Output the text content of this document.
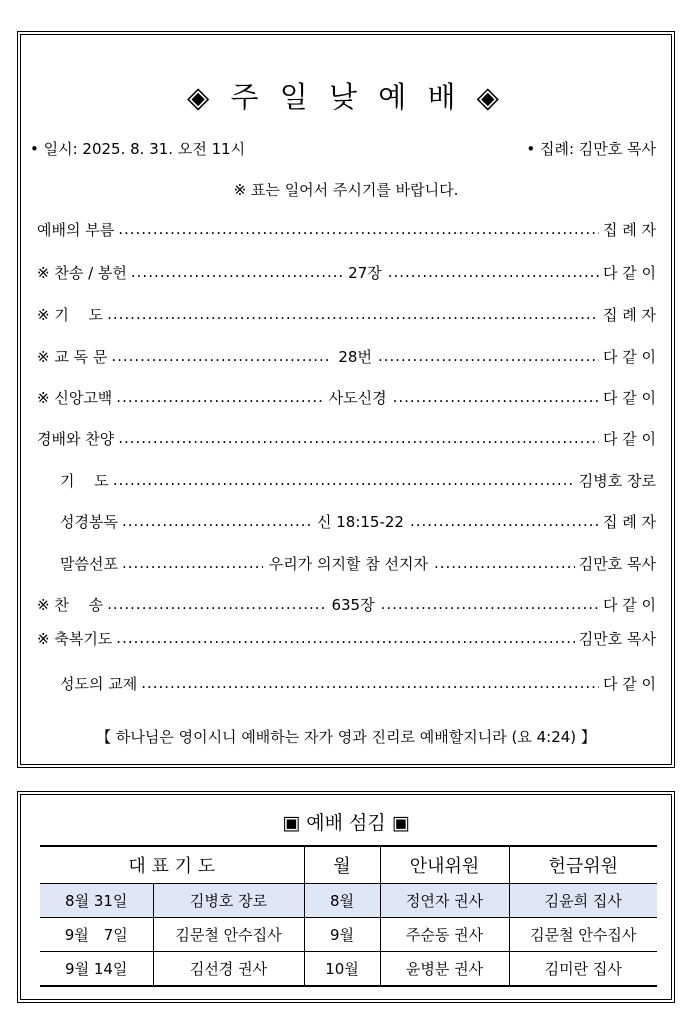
◈ 주 일 낮 예 배 ◈
• 일시: 2025. 8. 31. 오전 11시	• 집례: 김만호 목사
※ 표는 일어서 주시기를 바랍니다.
예배의 부름 .....	집 례 자
※ 찬송 / 봉헌 .....	27장 .....	다 같 이
※ 기　 도 .....	집 례 자
※ 교 독 문 .....	28번 .....	다 같 이
※ 신앙고백 .....	사도신경 .....	다 같 이
경배와 찬양 .....	다 같 이
기　 도 .....	김병호 장로
성경봉독 .....	신 18:15-22 .....	집 례 자
말씀선포 .....	우리가 의지할 참 선지자 .....	김만호 목사
※ 찬　 송 .....	635장 .....	다 같 이
※ 축복기도 .....	김만호 목사
성도의 교제 .....	다 같 이
【 하나님은 영이시니 예배하는 자가 영과 진리로 예배할지니라 (요 4:24) 】
▣ 예배 섬김 ▣
대 표 기 도		월	안내위원	헌금위원
8월 31일	김병호 장로	8월	정연자 권사	김윤희 집사
9월　7일	김문철 안수집사	9월	주순동 권사	김문철 안수집사
9월 14일	김선경 권사	10월	윤병분 권사	김미란 집사
